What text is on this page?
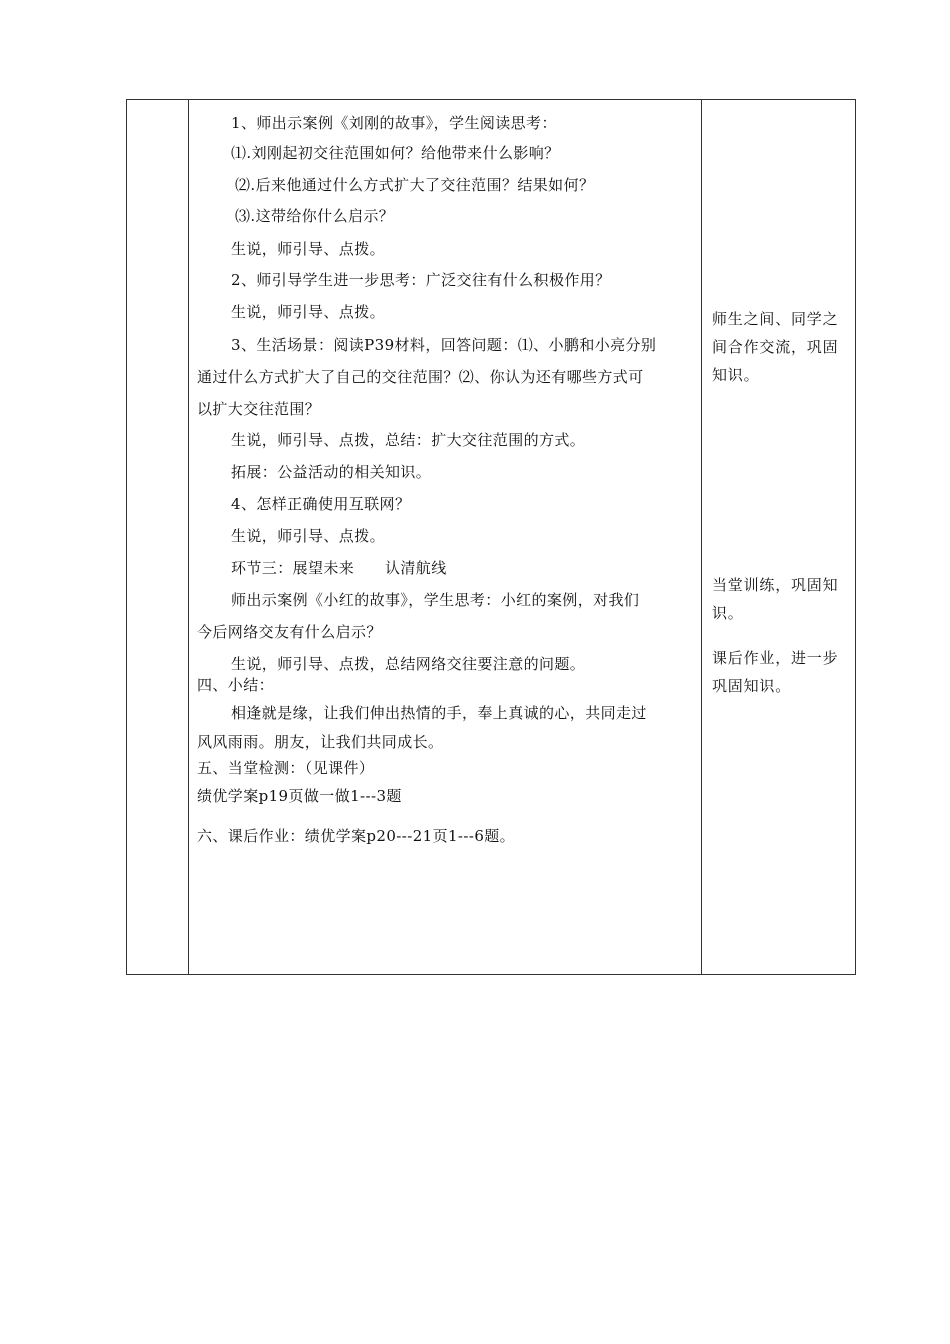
1、师出示案例《刘刚的故事》，学生阅读思考：
⑴.刘刚起初交往范围如何？给他带来什么影响？
⑵.后来他通过什么方式扩大了交往范围？结果如何？
⑶.这带给你什么启示？
生说，师引导、点拨。
2、师引导学生进一步思考：广泛交往有什么积极作用？
生说，师引导、点拨。
3、生活场景：阅读P39材料，回答问题：⑴、小鹏和小亮分别
通过什么方式扩大了自己的交往范围？⑵、你认为还有哪些方式可
以扩大交往范围？
生说，师引导、点拨，总结：扩大交往范围的方式。
拓展：公益活动的相关知识。
4、怎样正确使用互联网？
生说，师引导、点拨。
环节三：展望未来　　认清航线
师出示案例《小红的故事》，学生思考：小红的案例，对我们
今后网络交友有什么启示？
生说，师引导、点拨，总结网络交往要注意的问题。
四、小结：
相逢就是缘，让我们伸出热情的手，奉上真诚的心，共同走过
风风雨雨。朋友，让我们共同成长。
五、当堂检测：（见课件）
绩优学案p19页做一做1---3题
六、课后作业：绩优学案p20---21页1---6题。
师生之间、同学之间合作交流，巩固知识。
当堂训练，巩固知识。
课后作业，进一步巩固知识。
